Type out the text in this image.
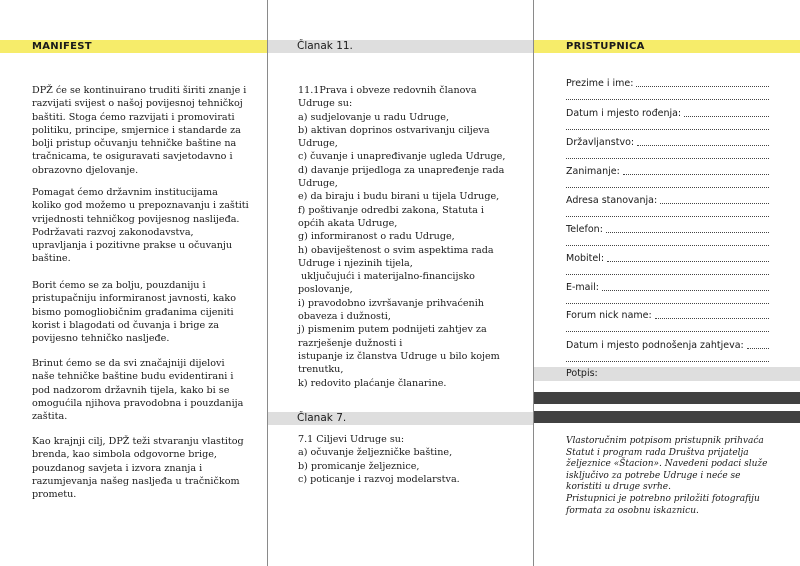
MANIFEST	Članak 11.	PRISTUPNICA

DPŽ će se kontinuirano truditi širiti znanje i razvijati svijest o našoj povijesnoj tehničkoj baštiti. Stoga ćemo razvijati i promovirati politiku, principe, smjernice i standarde za bolji pristup očuvanju tehničke baštine na tračnicama, te osiguravati savjetodavno i obrazovno djelovanje.

Pomagat ćemo državnim institucijama koliko god možemo u prepoznavanju i zaštiti vrijednosti tehničkog povijesnog naslijeđa. Podržavati razvoj zakonodavstva, upravljanja i pozitivne prakse u očuvanju baštine.

Borit ćemo se za bolju, pouzdaniju i pristupačniju informiranost javnosti, kako bismo pomogliobičnim građanima cijeniti korist i blagodati od čuvanja i brige za povijesno tehničko nasljeđe.

Brinut ćemo se da svi značajniji dijelovi naše tehničke baštine budu evidentirani i pod nadzorom državnih tijela, kako bi se omogućila njihova pravodobna i pouzdanija zaštita.

Kao krajnji cilj, DPŽ teži stvaranju vlastitog brenda, kao simbola odgovorne brige, pouzdanog savjeta i izvora znanja i razumjevanja našeg nasljeđa u tračničkom prometu.

11.1Prava i obveze redovnih članova
Udruge su:
a) sudjelovanje u radu Udruge,
b) aktivan doprinos ostvarivanju ciljeva
Udruge,
c) čuvanje i unapređivanje ugleda Udruge,
d) davanje prijedloga za unapređenje rada
Udruge,
e) da biraju i budu birani u tijela Udruge,
f) poštivanje odredbi zakona, Statuta i
općih akata Udruge,
g) informiranost o radu Udruge,
h) obaviještenost o svim aspektima rada
Udruge i njezinih tijela,
uključujući i materijalno-financijsko
poslovanje,
i) pravodobno izvršavanje prihvaćenih
obaveza i dužnosti,
j) pismenim putem podnijeti zahtjev za
razrješenje dužnosti i
istupanje iz članstva Udruge u bilo kojem
trenutku,
k) redovito plaćanje članarine.
Članak 7.
7.1 Ciljevi Udruge su:
a) očuvanje željezničke baštine,
b) promicanje željeznice,
c) poticanje i razvoj modelarstva.
Prezime i ime:
Datum i mjesto rođenja:
Državljanstvo:
Zanimanje:
Adresa stanovanja:
Telefon:
Mobitel:
E-mail:
Forum nick name:
Datum i mjesto podnošenja zahtjeva:
Potpis:

Vlastoručnim potpisom pristupnik prihvaća Statut i program rada Društva prijatelja željeznice «Štacion». Navedeni podaci služe isključivo za potrebe Udruge i neće se koristiti u druge svrhe.

Pristupnici je potrebno priložiti fotografiju formata za osobnu iskaznicu.
